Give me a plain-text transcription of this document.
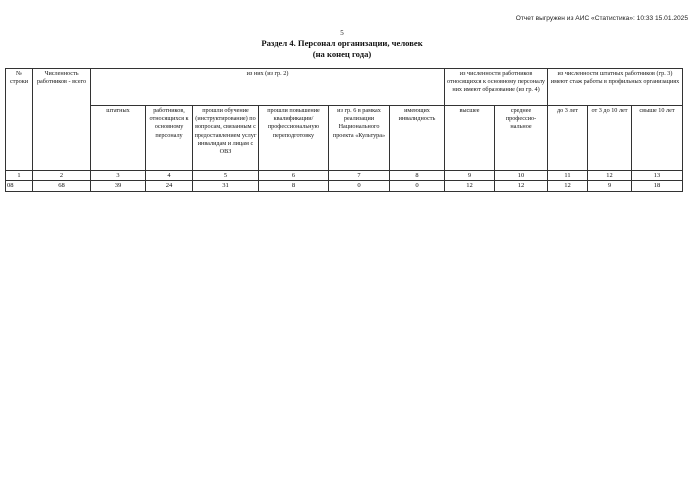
Отчет выгружен из АИС «Статистика»: 10:33 15.01.2025
5
Раздел 4. Персонал организации, человек
(на конец года)
№ строки	Численность работников - всего	из них (из гр. 2)						из численности работников относящихся к основному персоналу них имеют образование (из гр. 4)		из численности штатных работников (гр. 3) имеют стаж работы в профильных организациях		
		штатных	работников, относящихся к основному персоналу	прошли обучение (инструктирование) по вопросам, связанным с предоставлением услуг инвалидам и лицам с ОВЗ	прошли повышение квалификации/ профессиональную переподготовку	из гр. 6 в рамках реализации Национального проекта «Культура»	имеющих инвалидность	высшее	среднее профессио-нальное	до 3 лет	от 3 до 10 лет	свыше 10 лет
1	2	3	4	5	6	7	8	9	10	11	12	13
08	68	39	24	31	8	0	0	12	12	12	9	18
